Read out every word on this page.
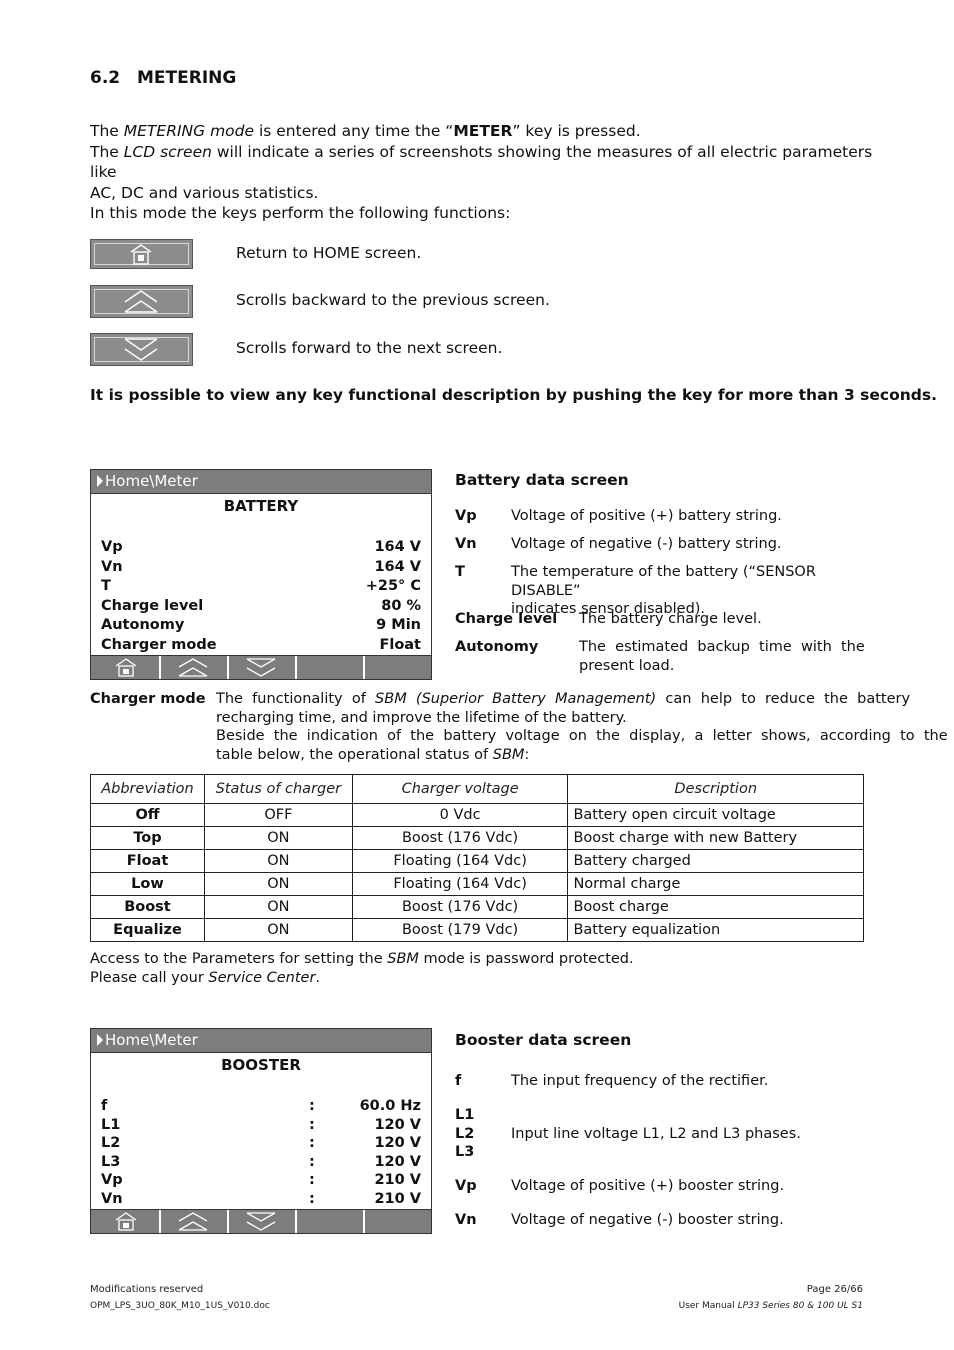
6.2 METERING
The METERING mode is entered any time the “METER” key is pressed.
The LCD screen will indicate a series of screenshots showing the measures of all electric parameters like
AC, DC and various statistics.
In this mode the keys perform the following functions:
Return to HOME screen.
Scrolls backward to the previous screen.
Scrolls forward to the next screen.
It is possible to view any key functional description by pushing the key for more than 3 seconds.
Home\Meter
BATTERY
Vp	164 V
Vn	164 V
T	+25° C
Charge level	80 %
Autonomy	9 Min
Charger mode	Float
Battery data screen
Vp Voltage of positive (+) battery string.
Vn Voltage of negative (-) battery string.
T	The temperature of the battery (“SENSOR DISABLE”
indicates sensor disabled).
Charge level The battery charge level.
Autonomy	The  estimated  backup  time  with  the
present load.
Charger mode The  functionality  of  SBM  (Superior  Battery  Management)  can  help  to  reduce  the  battery
recharging time, and improve the lifetime of the battery.
Beside  the  indication  of  the  battery  voltage  on  the  display,  a  letter  shows,  according  to  the
table below, the operational status of SBM:
Abbreviation	Status of charger	Charger voltage	Description
Off	OFF	0 Vdc	Battery open circuit voltage
Top	ON	Boost (176 Vdc)	Boost charge with new Battery
Float	ON	Floating (164 Vdc)	Battery charged
Low	ON	Floating (164 Vdc)	Normal charge
Boost	ON	Boost (176 Vdc)	Boost charge
Equalize	ON	Boost (179 Vdc)	Battery equalization
Access to the Parameters for setting the SBM mode is password protected.
Please call your Service Center.
Home\Meter
BOOSTER
f	:	60.0 Hz
L1	:	120 V
L2	:	120 V
L3	:	120 V
Vp	:	210 V
Vn	:	210 V
Booster data screen
f	The input frequency of the rectifier.
L1
L2
L3
Input line voltage L1, L2 and L3 phases.
Vp Voltage of positive (+) booster string.
Vn Voltage of negative (-) booster string.
Modifications reserved
OPM_LPS_3UO_80K_M10_1US_V010.doc
Page 26/66
User Manual LP33 Series 80 & 100 UL S1
